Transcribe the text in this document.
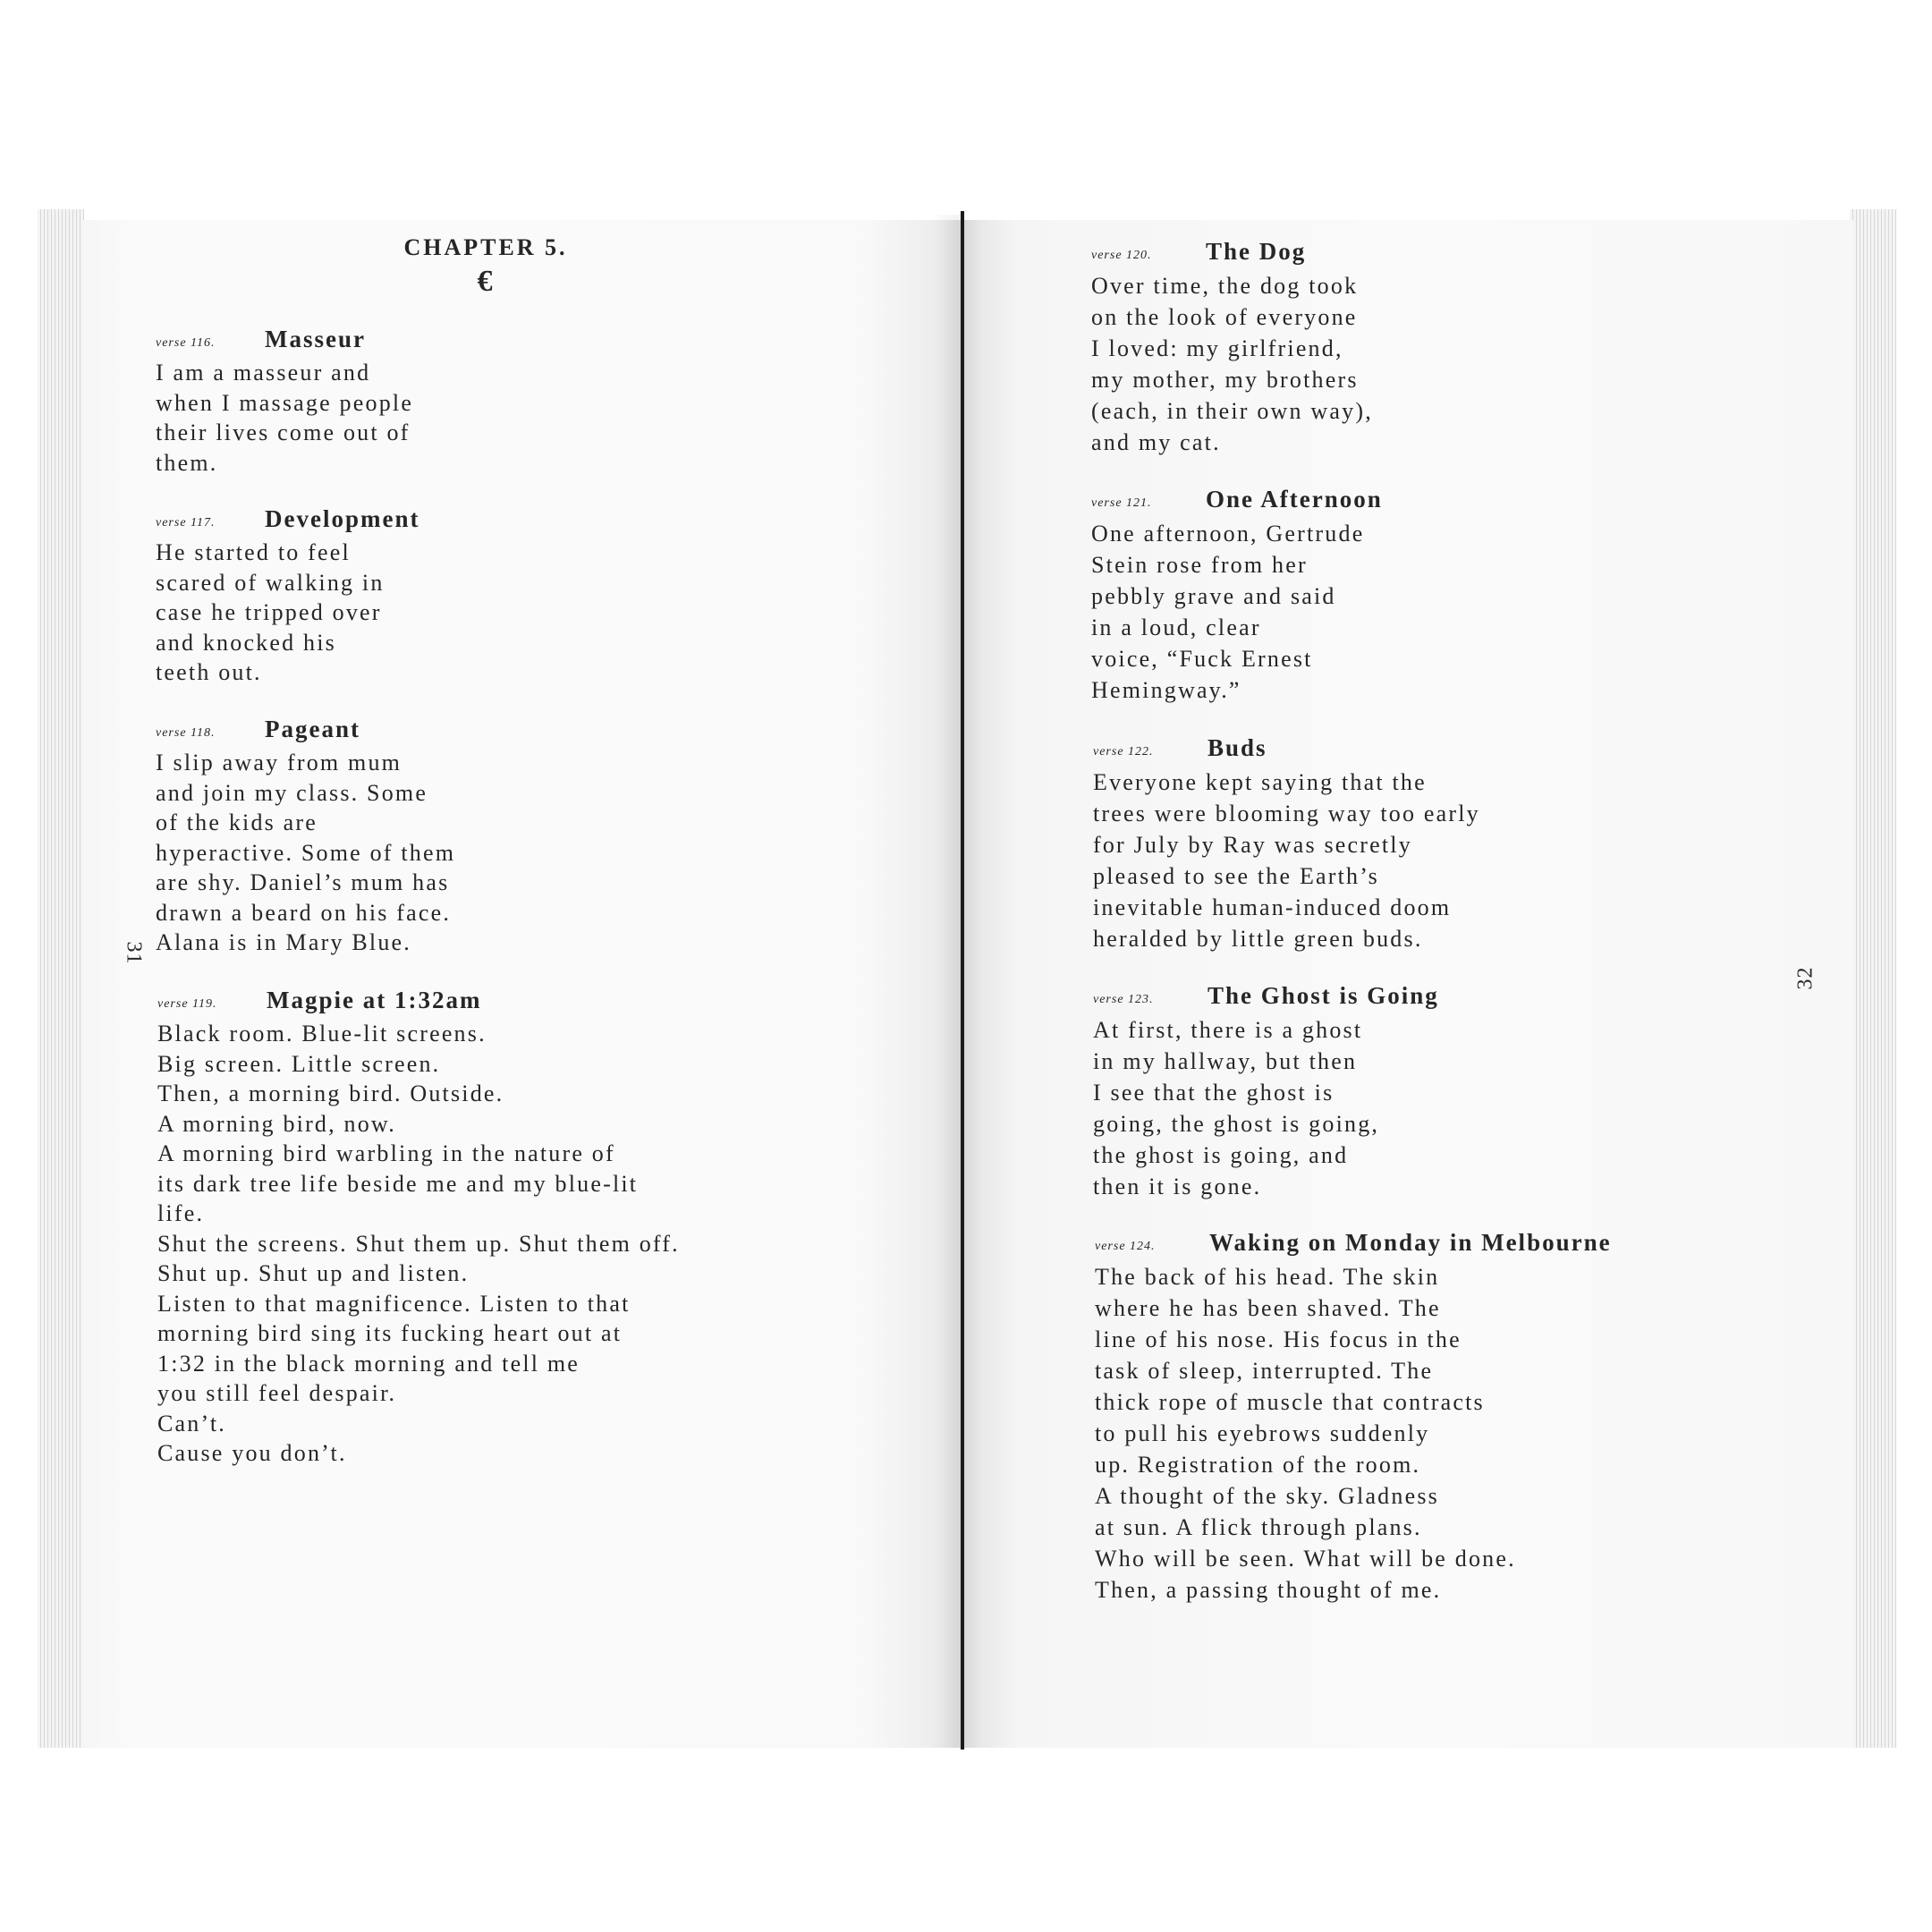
CHAPTER 5.
€
31
32
verse 116. Masseur
I am a masseur and
when I massage people
their lives come out of
them.
verse 117. Development
He started to feel
scared of walking in
case he tripped over
and knocked his
teeth out.
verse 118. Pageant
I slip away from mum
and join my class. Some
of the kids are
hyperactive. Some of them
are shy. Daniel’s mum has
drawn a beard on his face.
Alana is in Mary Blue.
verse 119. Magpie at 1:32am
Black room. Blue-lit screens.
Big screen. Little screen.
Then, a morning bird. Outside.
A morning bird, now.
A morning bird warbling in the nature of
its dark tree life beside me and my blue-lit
life.
Shut the screens. Shut them up. Shut them off.
Shut up. Shut up and listen.
Listen to that magnificence. Listen to that
morning bird sing its fucking heart out at
1:32 in the black morning and tell me
you still feel despair.
Can’t.
Cause you don’t.
verse 120. The Dog
Over time, the dog took
on the look of everyone
I loved: my girlfriend,
my mother, my brothers
(each, in their own way),
and my cat.
verse 121. One Afternoon
One afternoon, Gertrude
Stein rose from her
pebbly grave and said
in a loud, clear
voice, “Fuck Ernest
Hemingway.”
verse 122. Buds
Everyone kept saying that the
trees were blooming way too early
for July by Ray was secretly
pleased to see the Earth’s
inevitable human-induced doom
heralded by little green buds.
verse 123. The Ghost is Going
At first, there is a ghost
in my hallway, but then
I see that the ghost is
going, the ghost is going,
the ghost is going, and
then it is gone.
verse 124. Waking on Monday in Melbourne
The back of his head. The skin
where he has been shaved. The
line of his nose. His focus in the
task of sleep, interrupted. The
thick rope of muscle that contracts
to pull his eyebrows suddenly
up. Registration of the room.
A thought of the sky. Gladness
at sun. A flick through plans.
Who will be seen. What will be done.
Then, a passing thought of me.
